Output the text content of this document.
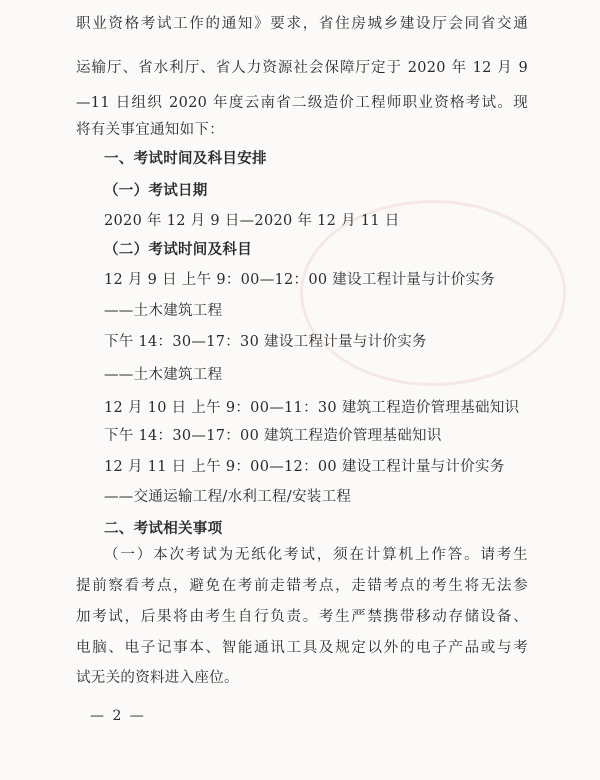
职业资格考试工作的通知》要求，省住房城乡建设厅会同省交通
运输厅、省水利厅、省人力资源社会保障厅定于 2020 年 12 月 9
—11 日组织 2020 年度云南省二级造价工程师职业资格考试。现
将有关事宜通知如下：
一、考试时间及科目安排
（一）考试日期
2020 年 12 月 9 日—2020 年 12 月 11 日
（二）考试时间及科目
12 月 9 日 上午 9：00—12：00 建设工程计量与计价实务
——土木建筑工程
下午 14：30—17：30 建设工程计量与计价实务
——土木建筑工程
12 月 10 日 上午 9：00—11：30 建筑工程造价管理基础知识
下午 14：30—17：00 建筑工程造价管理基础知识
12 月 11 日 上午 9：00—12：00 建设工程计量与计价实务
——交通运输工程/水利工程/安装工程
二、考试相关事项
（一）本次考试为无纸化考试，须在计算机上作答。请考生
提前察看考点，避免在考前走错考点，走错考点的考生将无法参
加考试，后果将由考生自行负责。考生严禁携带移动存储设备、
电脑、电子记事本、智能通讯工具及规定以外的电子产品或与考
试无关的资料进入座位。
— 2 —
